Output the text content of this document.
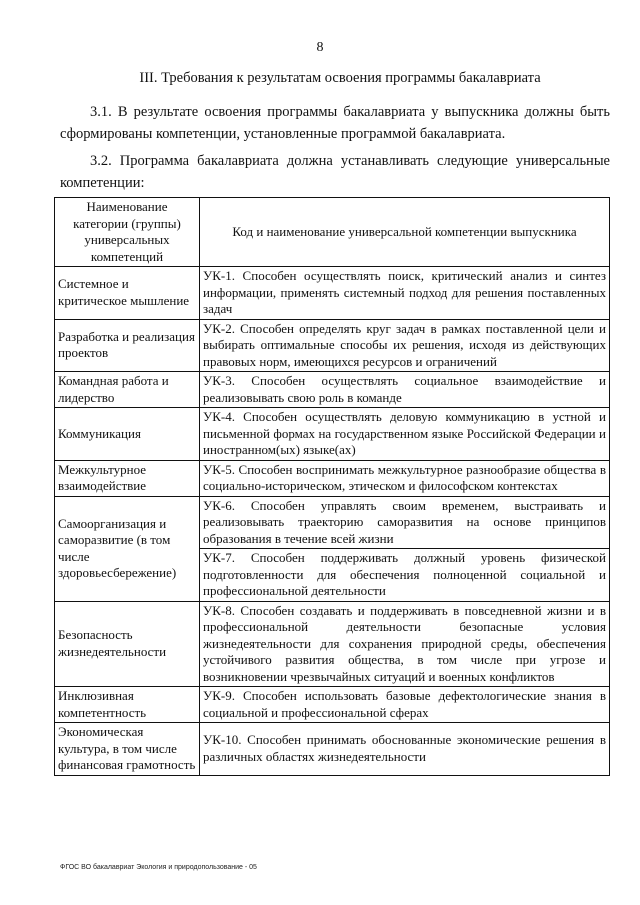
8
III. Требования к результатам освоения программы бакалавриата
3.1. В результате освоения программы бакалавриата у выпускника должны быть сформированы компетенции, установленные программой бакалавриата.
3.2. Программа бакалавриата должна устанавливать следующие универсальные компетенции:
Наименование категории (группы) универсальных компетенций	Код и наименование универсальной компетенции выпускника
Системное и критическое мышление	УК-1. Способен осуществлять поиск, критический анализ и синтез информации, применять системный подход для решения поставленных задач
Разработка и реализация проектов	УК-2. Способен определять круг задач в рамках поставленной цели и выбирать оптимальные способы их решения, исходя из действующих правовых норм, имеющихся ресурсов и ограничений
Командная работа и лидерство	УК-3. Способен осуществлять социальное взаимодействие и реализовывать свою роль в команде
Коммуникация	УК-4. Способен осуществлять деловую коммуникацию в устной и письменной формах на государственном языке Российской Федерации и иностранном(ых) языке(ах)
Межкультурное взаимодействие	УК-5. Способен воспринимать межкультурное разнообразие общества в социально-историческом, этическом и философском контекстах
Самоорганизация и саморазвитие (в том числе здоровьесбережение)	УК-6. Способен управлять своим временем, выстраивать и реализовывать траекторию саморазвития на основе принципов образования в течение всей жизни
	УК-7. Способен поддерживать должный уровень физической подготовленности для обеспечения полноценной социальной и профессиональной деятельности
Безопасность жизнедеятельности	УК-8. Способен создавать и поддерживать в повседневной жизни и в профессиональной деятельности безопасные условия жизнедеятельности для сохранения природной среды, обеспечения устойчивого развития общества, в том числе при угрозе и возникновении чрезвычайных ситуаций и военных конфликтов
Инклюзивная компетентность	УК-9. Способен использовать базовые дефектологические знания в социальной и профессиональной сферах
Экономическая культура, в том числе финансовая грамотность	УК-10. Способен принимать обоснованные экономические решения в различных областях жизнедеятельности
ФГОС ВО бакалавриат Экология и природопользование - 05
